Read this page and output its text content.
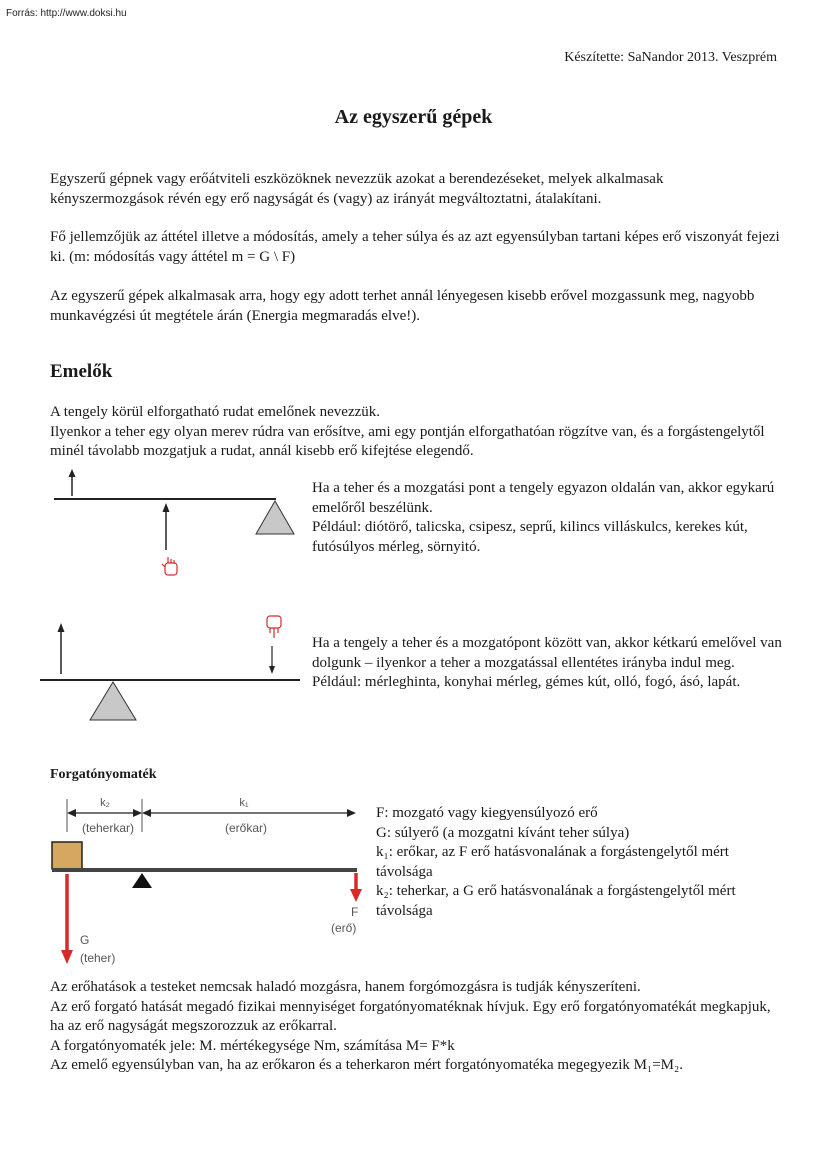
Forrás: http://www.doksi.hu
Készítette: SaNandor 2013. Veszprém
Az egyszerű gépek

Egyszerű gépnek vagy erőátviteli eszközöknek nevezzük azokat a berendezéseket, melyek alkalmasak kényszermozgások révén egy erő nagyságát és (vagy) az irányát megváltoztatni, átalakítani.

Fő jellemzőjük az áttétel illetve a módosítás, amely a teher súlya és az azt egyensúlyban tartani képes erő viszonyát fejezi ki. (m: módosítás vagy áttétel m = G \ F)

Az egyszerű gépek alkalmasak arra, hogy egy adott terhet annál lényegesen kisebb erővel mozgassunk meg, nagyobb munkavégzési út megtétele árán (Energia megmaradás elve!).

Emelők

A tengely körül elforgatható rudat emelőnek nevezzük.
Ilyenkor a teher egy olyan merev rúdra van erősítve, ami egy pontján elforgathatóan rögzítve van, és a forgástengelytől minél távolabb mozgatjuk a rudat, annál kisebb erő kifejtése elegendő.

Ha a teher és a mozgatási pont a tengely egyazon oldalán van, akkor egykarú emelőről beszélünk.
Például: diótörő, talicska, csipesz, seprű, kilincs villáskulcs, kerekes kút, futósúlyos mérleg, sörnyitó.

Ha a tengely a teher és a mozgatópont között van, akkor kétkarú emelővel van dolgunk – ilyenkor a teher a mozgatással ellentétes irányba indul meg.
Például: mérleghinta, konyhai mérleg, gémes kút, olló, fogó, ásó, lapát.

Forgatónyomaték
k₂
(teherkar)
k₁
(erőkar)
G
(teher)
F
(erő)
F: mozgató vagy kiegyensúlyozó erő
G: súlyerő (a mozgatni kívánt teher súlya)
k₁: erőkar, az F erő hatásvonalának a forgástengelytől mért távolsága
k₂: teherkar, a G erő hatásvonalának a forgástengelytől mért távolsága

Az erőhatások a testeket nemcsak haladó mozgásra, hanem forgómozgásra is tudják kényszeríteni.
Az erő forgató hatását megadó fizikai mennyiséget forgatónyomatéknak hívjuk. Egy erő forgatónyomatékát megkapjuk, ha az erő nagyságát megszorozzuk az erőkarral.
A forgatónyomaték jele: M. mértékegysége Nm, számítása M= F*k
Az emelő egyensúlyban van, ha az erőkaron és a teherkaron mért forgatónyomatéka megegyezik M₁=M₂.
